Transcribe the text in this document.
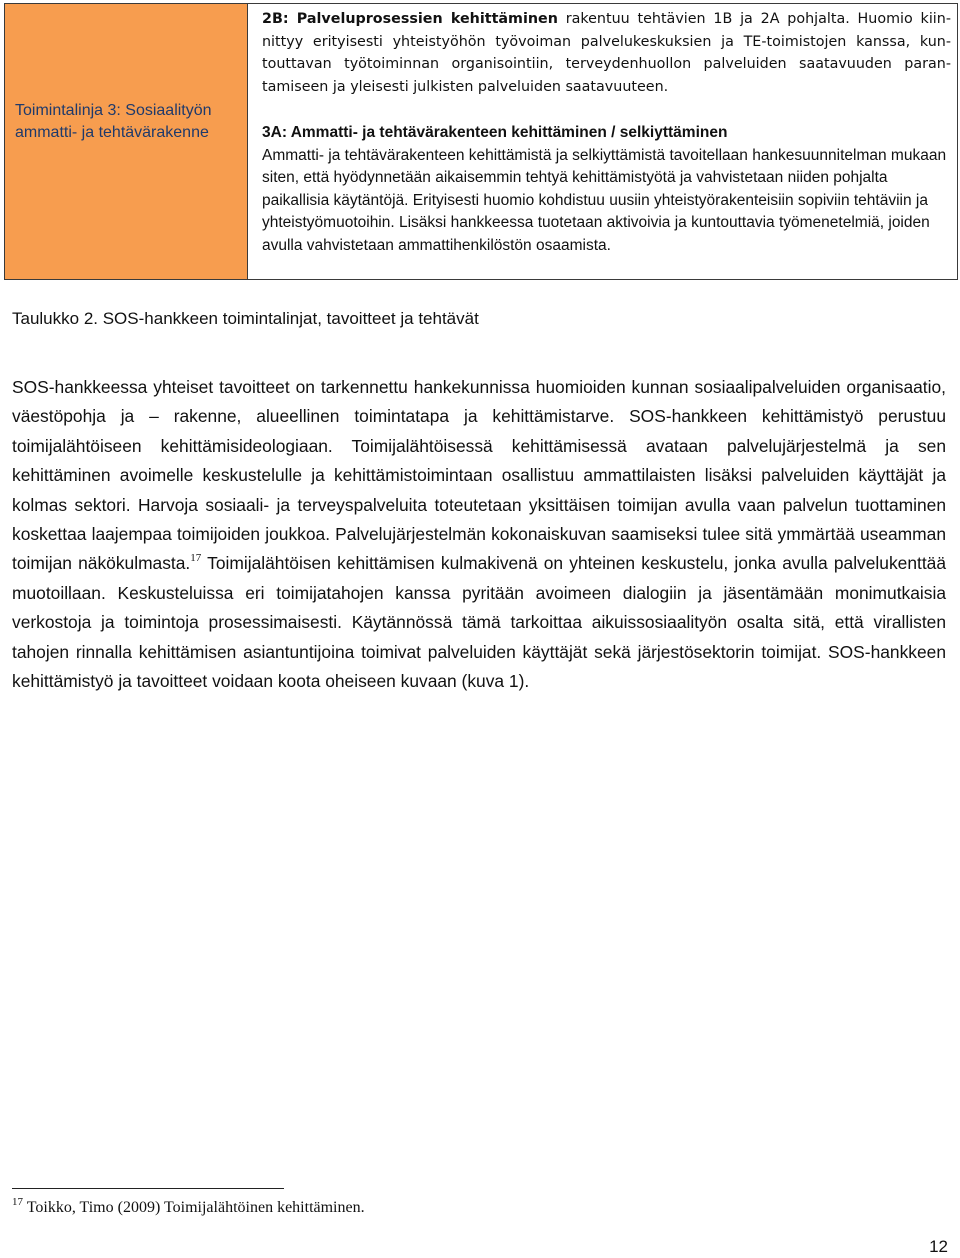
Toimintalinja 3: Sosiaalityön ammatti- ja tehtävärakenne

2B: Palveluprosessien kehittäminen rakentuu tehtävien 1B ja 2A pohjalta. Huomio kiinnittyy erityisesti yhteistyöhön työvoiman palvelukeskuksien ja TE-toimistojen kanssa, kuntouttavan työtoiminnan organisointiin, terveydenhuollon palveluiden saatavuuden parantamiseen ja yleisesti julkisten palveluiden saatavuuteen.

3A: Ammatti- ja tehtävärakenteen kehittäminen / selkiyttäminen
Ammatti- ja tehtävärakenteen kehittämistä ja selkiyttämistä tavoitellaan hankesuunnitelman mukaan siten, että hyödynnetään aikaisemmin tehtyä kehittämistyötä ja vahvistetaan niiden pohjalta paikallisia käytäntöjä. Erityisesti huomio kohdistuu uusiin yhteistyörakenteisiin sopiviin tehtäviin ja yhteistyömuotoihin. Lisäksi hankkeessa tuotetaan aktivoivia ja kuntouttavia työmenetelmiä, joiden avulla vahvistetaan ammattihenkilöstön osaamista.

Taulukko 2. SOS-hankkeen toimintalinjat, tavoitteet ja tehtävät

SOS-hankkeessa yhteiset tavoitteet on tarkennettu hankekunnissa huomioiden kunnan sosiaalipalveluiden organisaatio, väestöpohja ja – rakenne, alueellinen toimintatapa ja kehittämistarve. SOS-hankkeen kehittämistyö perustuu toimijalähtöiseen kehittämisideologiaan. Toimijalähtöisessä kehittämisessä avataan palvelujärjestelmä ja sen kehittäminen avoimelle keskustelulle ja kehittämistoimintaan osallistuu ammattilaisten lisäksi palveluiden käyttäjät ja kolmas sektori. Harvoja sosiaali- ja terveyspalveluita toteutetaan yksittäisen toimijan avulla vaan palvelun tuottaminen koskettaa laajempaa toimijoiden joukkoa. Palvelujärjestelmän kokonaiskuvan saamiseksi tulee sitä ymmärtää useamman toimijan näkökulmasta.$^{17}$ Toimijalähtöisen kehittämisen kulmakivenä on yhteinen keskustelu, jonka avulla palvelukenttää muotoillaan. Keskusteluissa eri toimijatahojen kanssa pyritään avoimeen dialogiin ja jäsentämään monimutkaisia verkostoja ja toimintoja prosessimaisesti. Käytännössä tämä tarkoittaa aikuissosiaalityön osalta sitä, että virallisten tahojen rinnalla kehittämisen asiantuntijoina toimivat palveluiden käyttäjät sekä järjestösektorin toimijat. SOS-hankkeen kehittämistyö ja tavoitteet voidaan koota oheiseen kuvaan (kuva 1).

$^{17}$ Toikko, Timo (2009) Toimijalähtöinen kehittäminen.
12
